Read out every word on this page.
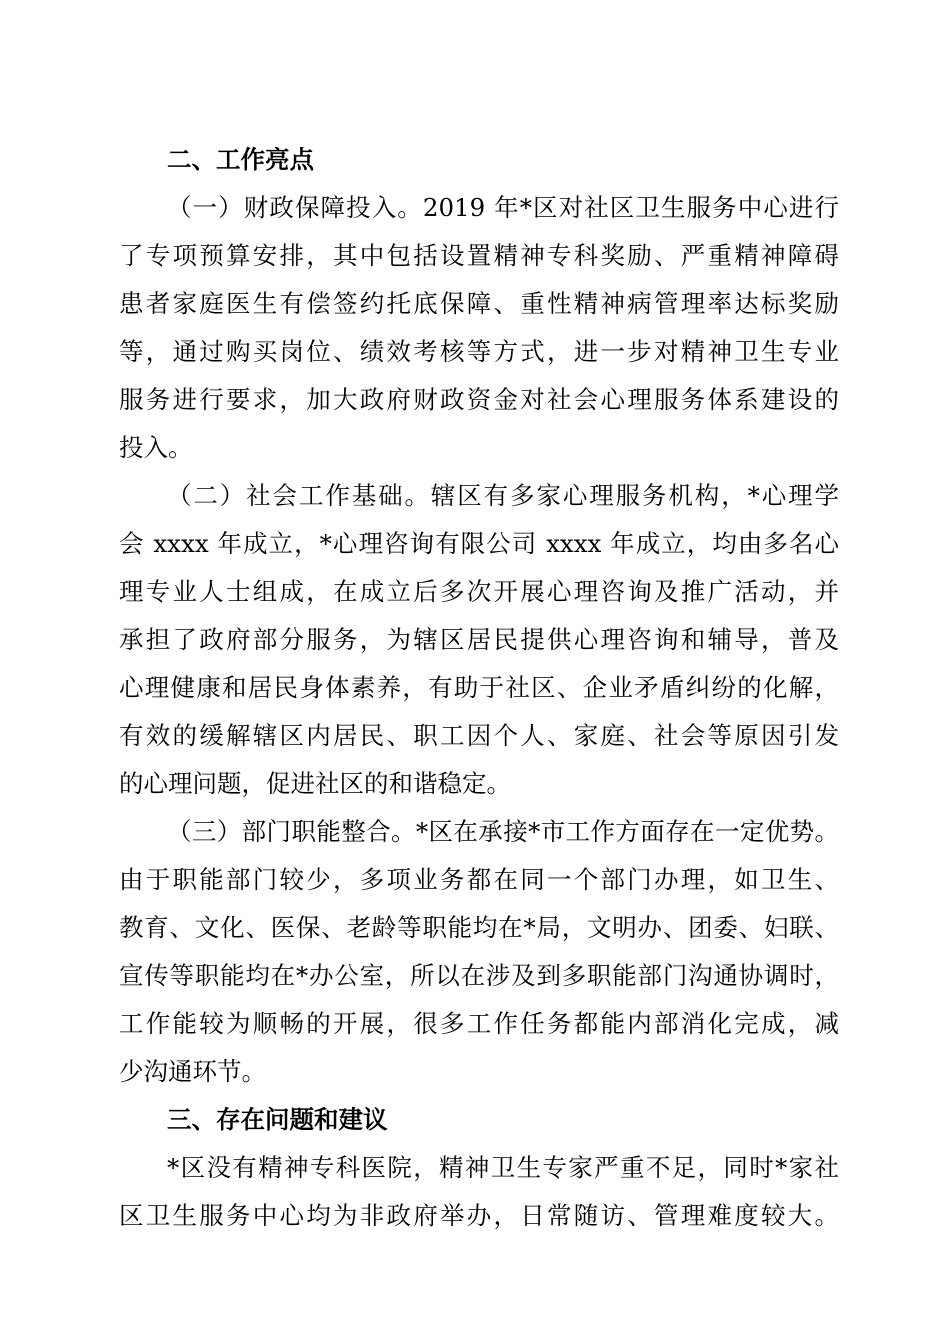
二、工作亮点
（一）财政保障投入。2019 年*区对社区卫生服务中心进行
了专项预算安排，其中包括设置精神专科奖励、严重精神障碍
患者家庭医生有偿签约托底保障、重性精神病管理率达标奖励
等，通过购买岗位、绩效考核等方式，进一步对精神卫生专业
服务进行要求，加大政府财政资金对社会心理服务体系建设的
投入。
（二）社会工作基础。辖区有多家心理服务机构，*心理学
会 xxxx 年成立，*心理咨询有限公司 xxxx 年成立，均由多名心
理专业人士组成，在成立后多次开展心理咨询及推广活动，并
承担了政府部分服务，为辖区居民提供心理咨询和辅导，普及
心理健康和居民身体素养，有助于社区、企业矛盾纠纷的化解，
有效的缓解辖区内居民、职工因个人、家庭、社会等原因引发
的心理问题，促进社区的和谐稳定。
（三）部门职能整合。*区在承接*市工作方面存在一定优势。
由于职能部门较少，多项业务都在同一个部门办理，如卫生、
教育、文化、医保、老龄等职能均在*局，文明办、团委、妇联、
宣传等职能均在*办公室，所以在涉及到多职能部门沟通协调时，
工作能较为顺畅的开展，很多工作任务都能内部消化完成，减
少沟通环节。
三、存在问题和建议
*区没有精神专科医院，精神卫生专家严重不足，同时*家社
区卫生服务中心均为非政府举办，日常随访、管理难度较大。
